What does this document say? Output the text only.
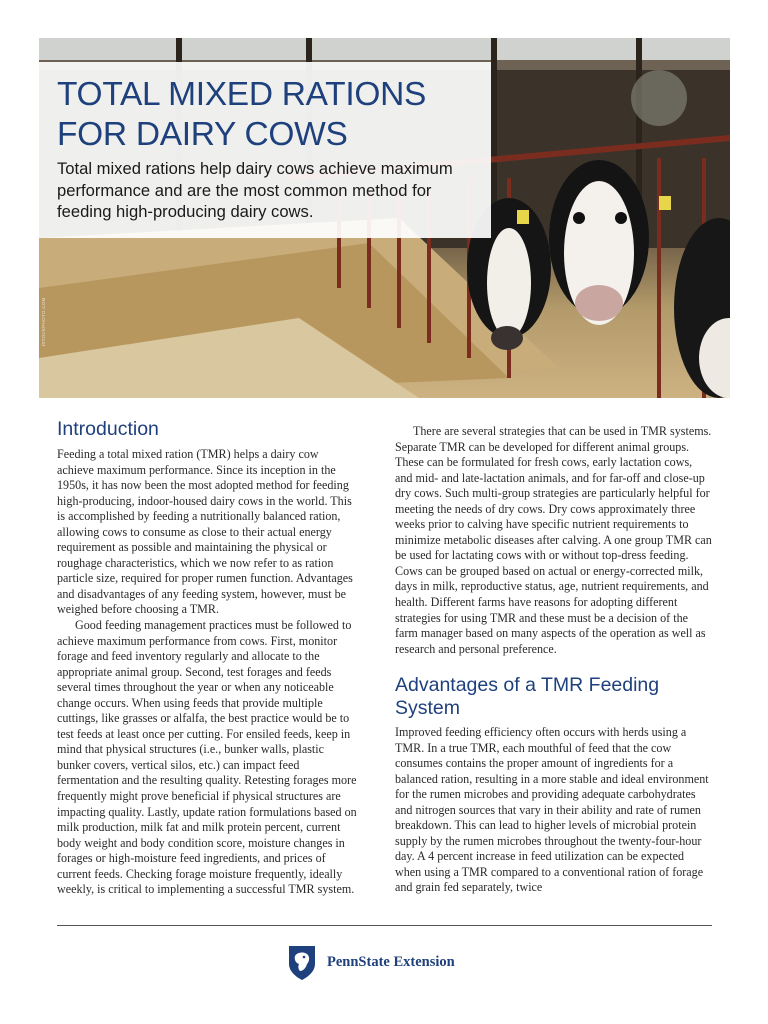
iSTOCKPHOTO.COM
TOTAL MIXED RATIONS FOR DAIRY COWS

Total mixed rations help dairy cows achieve maximum performance and are the most common method for feeding high-producing dairy cows.

Introduction

Feeding a total mixed ration (TMR) helps a dairy cow achieve maximum performance. Since its inception in the 1950s, it has now been the most adopted method for feeding high-producing, indoor-housed dairy cows in the world. This is accomplished by feeding a nutritionally balanced ration, allowing cows to consume as close to their actual energy requirement as possible and maintaining the physical or roughage characteristics, which we now refer to as ration particle size, required for proper rumen function. Advantages and disadvantages of any feeding system, however, must be weighed before choosing a TMR.

Good feeding management practices must be followed to achieve maximum performance from cows. First, monitor forage and feed inventory regularly and allocate to the appropriate animal group. Second, test forages and feeds several times throughout the year or when any noticeable change occurs. When using feeds that provide multiple cuttings, like grasses or alfalfa, the best practice would be to test feeds at least once per cutting. For ensiled feeds, keep in mind that physical structures (i.e., bunker walls, plastic bunker covers, vertical silos, etc.) can impact feed fermentation and the resulting quality. Retesting forages more frequently might prove beneficial if physical structures are impacting quality. Lastly, update ration formulations based on milk production, milk fat and milk protein percent, current body weight and body condition score, moisture changes in forages or high-moisture feed ingredients, and prices of current feeds. Checking forage moisture frequently, ideally weekly, is critical to implementing a successful TMR system.

There are several strategies that can be used in TMR systems. Separate TMR can be developed for different animal groups. These can be formulated for fresh cows, early lactation cows, and mid- and late-lactation animals, and for far-off and close-up dry cows. Such multi-group strategies are particularly helpful for meeting the needs of dry cows. Dry cows approximately three weeks prior to calving have specific nutrient requirements to minimize metabolic diseases after calving. A one group TMR can be used for lactating cows with or without top-dress feeding. Cows can be grouped based on actual or energy-corrected milk, days in milk, reproductive status, age, nutrient requirements, and health. Different farms have reasons for adopting different strategies for using TMR and these must be a decision of the farm manager based on many aspects of the operation as well as research and personal preference.

Advantages of a TMR Feeding System

Improved feeding efficiency often occurs with herds using a TMR. In a true TMR, each mouthful of feed that the cow consumes contains the proper amount of ingredients for a balanced ration, resulting in a more stable and ideal environment for the rumen microbes and providing adequate carbohydrates and nitrogen sources that vary in their ability and rate of rumen breakdown. This can lead to higher levels of microbial protein supply by the rumen microbes throughout the twenty-four-hour day. A 4 percent increase in feed utilization can be expected when using a TMR compared to a conventional ration of forage and grain fed separately, twice

PennState Extension
